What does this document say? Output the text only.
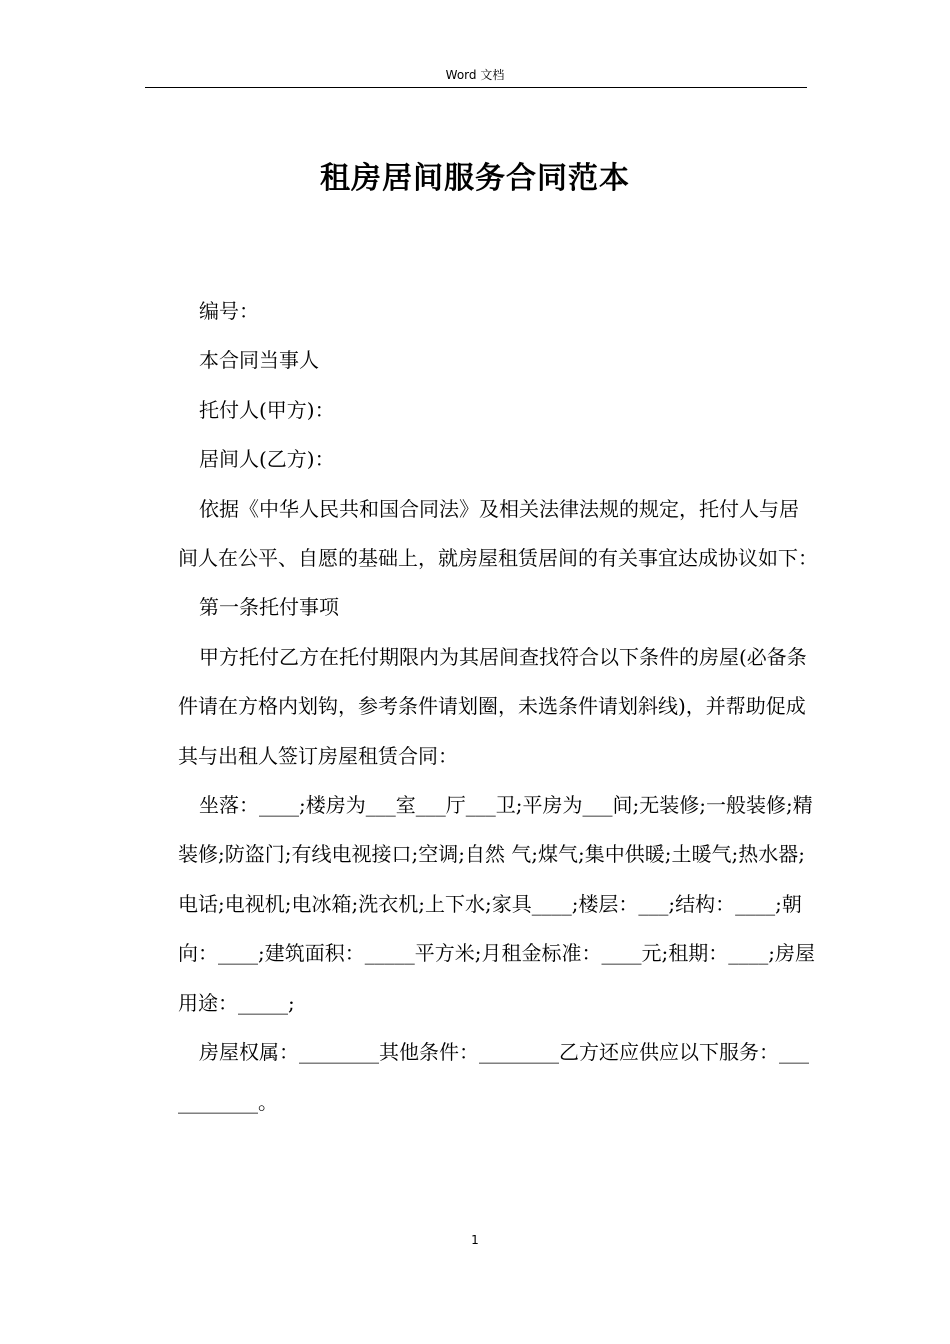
Word 文档
租房居间服务合同范本

编号：

本合同当事人

托付人(甲方)：

居间人(乙方)：

依据《中华人民共和国合同法》及相关法律法规的规定，托付人与居间人在公平、自愿的基础上，就房屋租赁居间的有关事宜达成协议如下：

第一条托付事项

甲方托付乙方在托付期限内为其居间查找符合以下条件的房屋(必备条件请在方格内划钩，参考条件请划圈，未选条件请划斜线)，并帮助促成其与出租人签订房屋租赁合同：

坐落：____;楼房为___室___厅___卫;平房为___间;无装修;一般装修;精装修;防盗门;有线电视接口;空调;自然 气;煤气;集中供暖;土暖气;热水器;电话;电视机;电冰箱;洗衣机;上下水;家具____;楼层：___;结构：____;朝向：____;建筑面积：_____平方米;月租金标准：____元;租期：____;房屋用途：_____;

房屋权属：________其他条件：________乙方还应供应以下服务：___________。

1
